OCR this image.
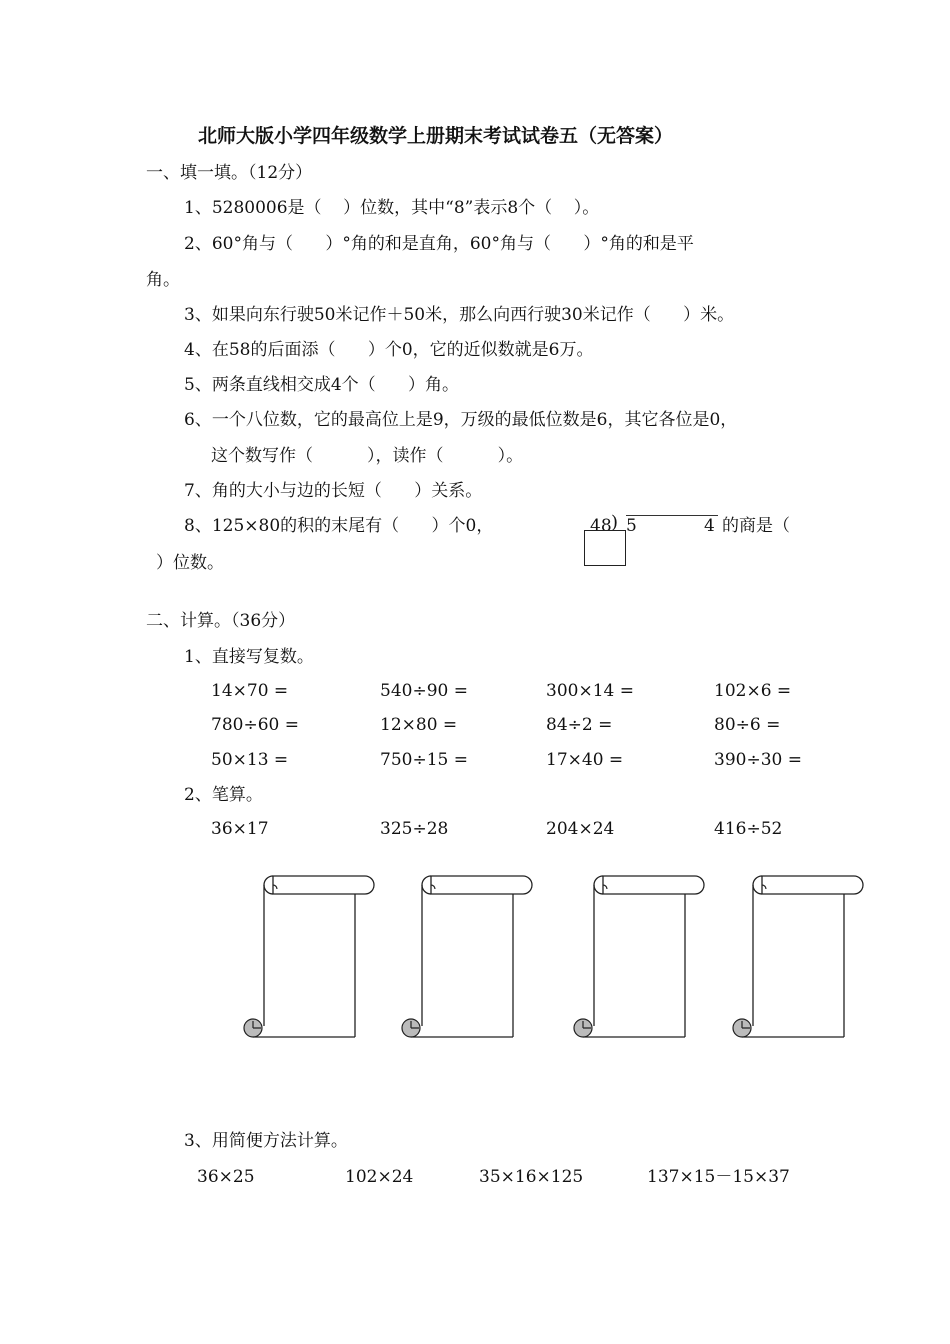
北师大版小学四年级数学上册期末考试试卷五（无答案）
一、填一填。（12分）
1、5280006是（    ）位数，其中“8”表示8个（    ）。
2、60°角与（      ）°角的和是直角，60°角与（      ）°角的和是平
角。
3、如果向东行驶50米记作＋50米，那么向西行驶30米记作（      ）米。
4、在58的后面添（      ）个0，它的近似数就是6万。
5、两条直线相交成4个（      ）角。
6、一个八位数，它的最高位上是9，万级的最低位数是6，其它各位是0，
这个数写作（          ），读作（          ）。
7、角的大小与边的长短（      ）关系。
8、125×80的积的末尾有（      ）个0，	48 ) 5	4 的商是（
）位数。
二、计算。（36分）
1、直接写复数。
14×70 =	540÷90 =	300×14 =	102×6 =
780÷60 =	12×80 =	84÷2 =	80÷6 =
50×13 =	750÷15 =	17×40 =	390÷30 =
2、笔算。
36×17	325÷28	204×24	416÷52
3、用简便方法计算。
36×25	102×24	35×16×125	137×15－15×37
